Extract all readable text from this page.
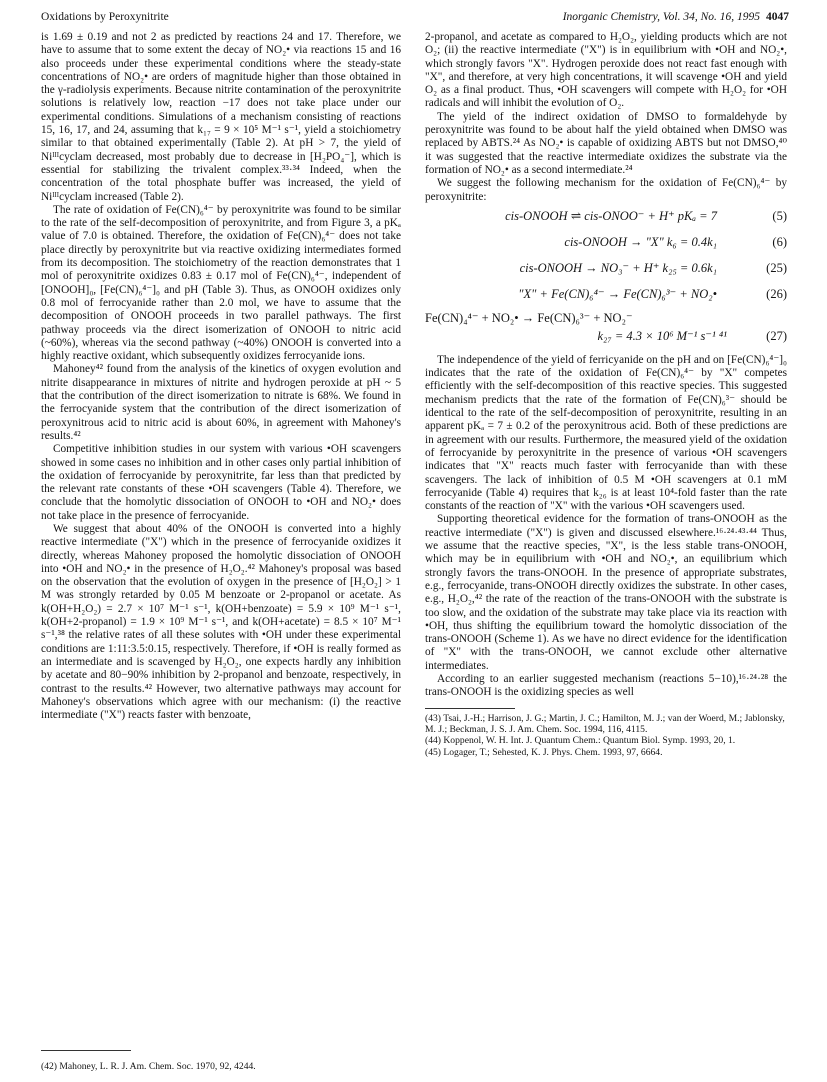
Oxidations by Peroxynitrite	Inorganic Chemistry, Vol. 34, No. 16, 1995 4047

is 1.69 ± 0.19 and not 2 as predicted by reactions 24 and 17. Therefore, we have to assume that to some extent the decay of NO₂• via reactions 15 and 16 also proceeds under these experimental conditions where the steady-state concentrations of NO₂• are orders of magnitude higher than those obtained in the γ-radiolysis experiments. Because nitrite contamination of the peroxynitrite solutions is relatively low, reaction −17 does not take place under our experimental conditions. Simulations of a mechanism consisting of reactions 15, 16, 17, and 24, assuming that k₁₇ = 9 × 10⁵ M⁻¹ s⁻¹, yield a stoichiometry similar to that obtained experimentally (Table 2). At pH > 7, the yield of Niᴵᴵᴵcyclam decreased, most probably due to decrease in [H₂PO₄⁻], which is essential for stabilizing the trivalent complex.³³·³⁴ Indeed, when the concentration of the total phosphate buffer was increased, the yield of Niᴵᴵᴵcyclam increased (Table 2).

The rate of oxidation of Fe(CN)₆⁴⁻ by peroxynitrite was found to be similar to the rate of the self-decomposition of peroxynitrite, and from Figure 3, a pKₐ value of 7.0 is obtained. Therefore, the oxidation of Fe(CN)₆⁴⁻ does not take place directly by peroxynitrite but via reactive oxidizing intermediates formed from its decomposition. The stoichiometry of the reaction demonstrates that 1 mol of peroxynitrite oxidizes 0.83 ± 0.17 mol of Fe(CN)₆⁴⁻, independent of [ONOOH]₀, [Fe(CN)₆⁴⁻]₀ and pH (Table 3). Thus, as ONOOH oxidizes only 0.8 mol of ferrocyanide rather than 2.0 mol, we have to assume that the decomposition of ONOOH proceeds in two parallel pathways. The first pathway proceeds via the direct isomerization of ONOOH to nitric acid (~60%), whereas via the second pathway (~40%) ONOOH is converted into a highly reactive oxidant, which subsequently oxidizes ferrocyanide ions.

Mahoney⁴² found from the analysis of the kinetics of oxygen evolution and nitrite disappearance in mixtures of nitrite and hydrogen peroxide at pH ~ 5 that the contribution of the direct isomerization to nitrate is 68%. We found in the ferrocyanide system that the contribution of the direct isomerization of peroxynitrous acid to nitric acid is about 60%, in agreement with Mahoney's results.⁴²

Competitive inhibition studies in our system with various •OH scavengers showed in some cases no inhibition and in other cases only partial inhibition of the oxidation of ferrocyanide by peroxynitrite, far less than that predicted by the relevant rate constants of these •OH scavengers (Table 4). Therefore, we conclude that the homolytic dissociation of ONOOH to •OH and NO₂• does not take place in the presence of ferrocyanide.

We suggest that about 40% of the ONOOH is converted into a highly reactive intermediate ("X") which in the presence of ferrocyanide oxidizes it directly, whereas Mahoney proposed the homolytic dissociation of ONOOH into •OH and NO₂• in the presence of H₂O₂.⁴² Mahoney's proposal was based on the observation that the evolution of oxygen in the presence of [H₂O₂] > 1 M was strongly retarded by 0.05 M benzoate or 2-propanol or acetate. As k(OH+H₂O₂) = 2.7 × 10⁷ M⁻¹ s⁻¹, k(OH+benzoate) = 5.9 × 10⁹ M⁻¹ s⁻¹, k(OH+2-propanol) = 1.9 × 10⁹ M⁻¹ s⁻¹, and k(OH+acetate) = 8.5 × 10⁷ M⁻¹ s⁻¹,³⁸ the relative rates of all these solutes with •OH under these experimental conditions are 1:11:3.5:0.15, respectively. Therefore, if •OH is really formed as an intermediate and is scavenged by H₂O₂, one expects hardly any inhibition by acetate and 80−90% inhibition by 2-propanol and benzoate, respectively, in contrast to the results.⁴² However, two alternative pathways may account for Mahoney's observations which agree with our mechanism: (i) the reactive intermediate ("X") reacts faster with benzoate,

(42) Mahoney, L. R. J. Am. Chem. Soc. 1970, 92, 4244.

2-propanol, and acetate as compared to H₂O₂, yielding products which are not O₂; (ii) the reactive intermediate ("X") is in equilibrium with •OH and NO₂•, which strongly favors "X". Hydrogen peroxide does not react fast enough with "X", and therefore, at very high concentrations, it will scavenge •OH and yield O₂ as a final product. Thus, •OH scavengers will compete with H₂O₂ for •OH radicals and will inhibit the evolution of O₂.

The yield of the indirect oxidation of DMSO to formaldehyde by peroxynitrite was found to be about half the yield obtained when DMSO was replaced by ABTS.²⁴ As NO₂• is capable of oxidizing ABTS but not DMSO,⁴⁰ it was suggested that the reactive intermediate oxidizes the substrate via the formation of NO₂• as a second intermediate.²⁴

We suggest the following mechanism for the oxidation of Fe(CN)₆⁴⁻ by peroxynitrite:

cis-ONOOH ⇌ cis-ONOO⁻ + H⁺ pKₐ = 7	(5)
cis-ONOOH → "X" k₆ = 0.4k₁	(6)
cis-ONOOH → NO₃⁻ + H⁺ k₂₅ = 0.6k₁	(25)
"X" + Fe(CN)₆⁴⁻ → Fe(CN)₆³⁻ + NO₂•	(26)
Fe(CN)₄⁴⁻ + NO₂• → Fe(CN)₆³⁻ + NO₂⁻
k₂₇ = 4.3 × 10⁶ M⁻¹ s⁻¹ ⁴¹	(27)

The independence of the yield of ferricyanide on the pH and on [Fe(CN)₆⁴⁻]₀ indicates that the rate of the oxidation of Fe(CN)₆⁴⁻ by "X" competes efficiently with the self-decomposition of this reactive species. This suggested mechanism predicts that the rate of the formation of Fe(CN)₆³⁻ should be identical to the rate of the self-decomposition of peroxynitrite, resulting in an apparent pKₐ = 7 ± 0.2 of the peroxynitrous acid. Both of these predictions are in agreement with our results. Furthermore, the measured yield of the oxidation of ferrocyanide by peroxynitrite in the presence of various •OH scavengers indicates that "X" reacts much faster with ferrocyanide than with these scavengers. The lack of inhibition of 0.5 M •OH scavengers at 0.1 mM ferrocyanide (Table 4) requires that k₂₆ is at least 10⁴-fold faster than the rate constants of the reaction of "X" with the various •OH scavengers used.

Supporting theoretical evidence for the formation of trans-ONOOH as the reactive intermediate ("X") is given and discussed elsewhere.¹⁶·²⁴·⁴³·⁴⁴ Thus, we assume that the reactive species, "X", is the less stable trans-ONOOH, which may be in equilibrium with •OH and NO₂•, an equilibrium which strongly favors the trans-ONOOH. In the presence of appropriate substrates, e.g., ferrocyanide, trans-ONOOH directly oxidizes the substrate. In other cases, e.g., H₂O₂,⁴² the rate of the reaction of the trans-ONOOH with the substrate is too slow, and the oxidation of the substrate may take place via its reaction with •OH, thus shifting the equilibrium toward the homolytic dissociation of the trans-ONOOH (Scheme 1). As we have no direct evidence for the identification of "X" with the trans-ONOOH, we cannot exclude other alternative intermediates.

According to an earlier suggested mechanism (reactions 5−10),¹⁶·²⁴·²⁸ the trans-ONOOH is the oxidizing species as well

(43) Tsai, J.-H.; Harrison, J. G.; Martin, J. C.; Hamilton, M. J.; van der Woerd, M.; Jablonsky, M. J.; Beckman, J. S. J. Am. Chem. Soc. 1994, 116, 4115.

(44) Koppenol, W. H. Int. J. Quantum Chem.: Quantum Biol. Symp. 1993, 20, 1.

(45) Logager, T.; Sehested, K. J. Phys. Chem. 1993, 97, 6664.
